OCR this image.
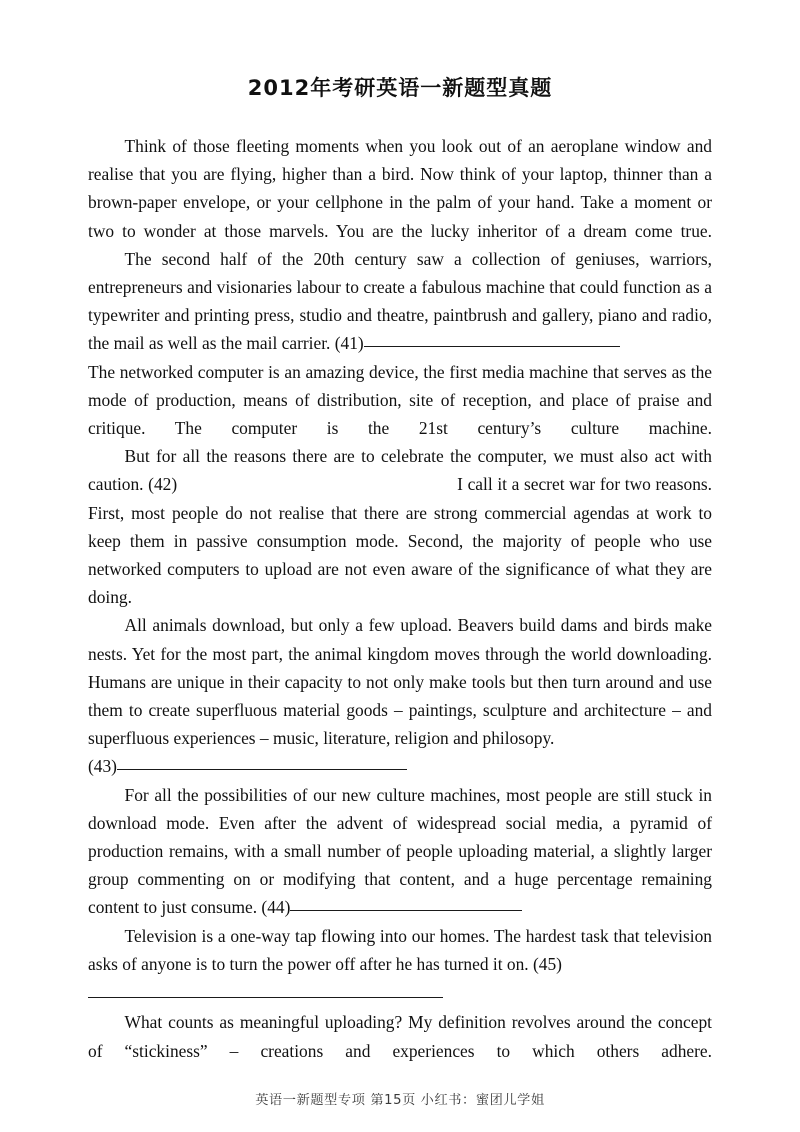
2012年考研英语一新题型真题

Think of those fleeting moments when you look out of an aeroplane window and realise that you are flying, higher than a bird. Now think of your laptop, thinner than a brown-paper envelope, or your cellphone in the palm of your hand. Take a moment or two to wonder at those marvels. You are the lucky inheritor of a dream come true.

The second half of the 20th century saw a collection of geniuses, warriors, entrepreneurs and visionaries labour to create a fabulous machine that could function as a typewriter and printing press, studio and theatre, paintbrush and gallery, piano and radio, the mail as well as the mail carrier. (41)

The networked computer is an amazing device, the first media machine that serves as the mode of production, means of distribution, site of reception, and place of praise and critique. The computer is the 21st century’s culture machine.

But for all the reasons there are to celebrate the computer, we must also act with caution. (42)	I call it a secret war for two reasons. First, most people do not realise that there are strong commercial agendas at work to keep them in passive consumption mode. Second, the majority of people who use networked computers to upload are not even aware of the significance of what they are doing.

All animals download, but only a few upload. Beavers build dams and birds make nests. Yet for the most part, the animal kingdom moves through the world downloading. Humans are unique in their capacity to not only make tools but then turn around and use them to create superfluous material goods – paintings, sculpture and architecture – and superfluous experiences – music, literature, religion and philosopy.

(43)

For all the possibilities of our new culture machines, most people are still stuck in download mode. Even after the advent of widespread social media, a pyramid of production remains, with a small number of people uploading material, a slightly larger group commenting on or modifying that content, and a huge percentage remaining content to just consume. (44)

Television is a one-way tap flowing into our homes. The hardest task that television asks of anyone is to turn the power off after he has turned it on. (45)

What counts as meaningful uploading? My definition revolves around the concept of “stickiness” – creations and experiences to which others adhere.

英语一新题型专项 第15页 小红书：蜜团儿学姐
